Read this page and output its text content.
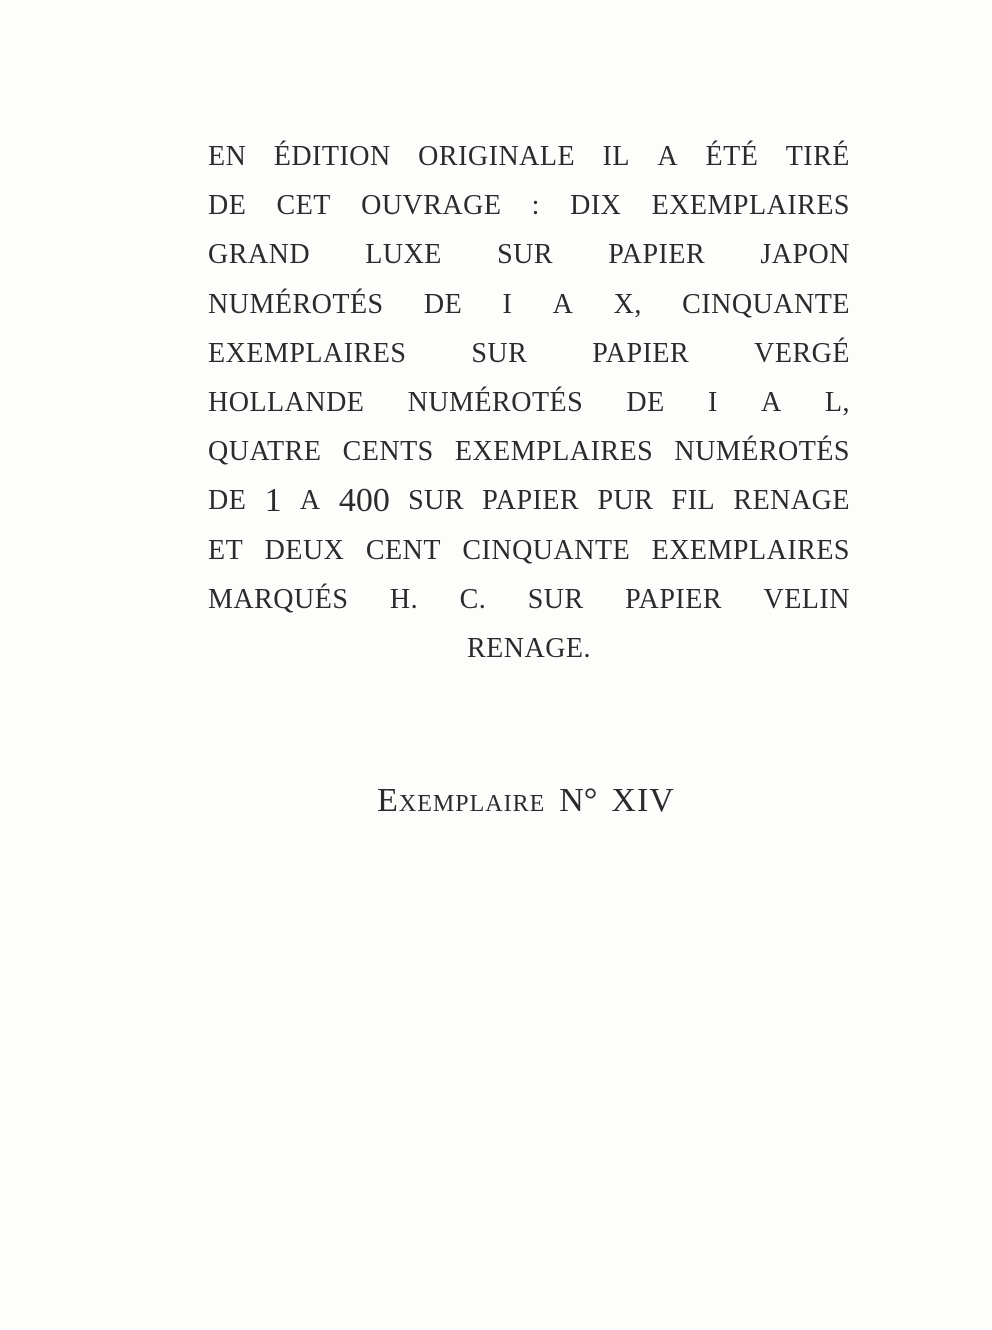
EN ÉDITION ORIGINALE IL A ÉTÉ TIRÉ
DE CET OUVRAGE : DIX EXEMPLAIRES
GRAND LUXE SUR PAPIER JAPON
NUMÉROTÉS DE I A X, CINQUANTE
EXEMPLAIRES SUR PAPIER VERGÉ
HOLLANDE NUMÉROTÉS DE I A L,
QUATRE CENTS EXEMPLAIRES NUMÉROTÉS
DE 1 A 400 SUR PAPIER PUR FIL RENAGE
ET DEUX CENT CINQUANTE EXEMPLAIRES
MARQUÉS H. C. SUR PAPIER VELIN
RENAGE.
Exemplaire N° XIV
